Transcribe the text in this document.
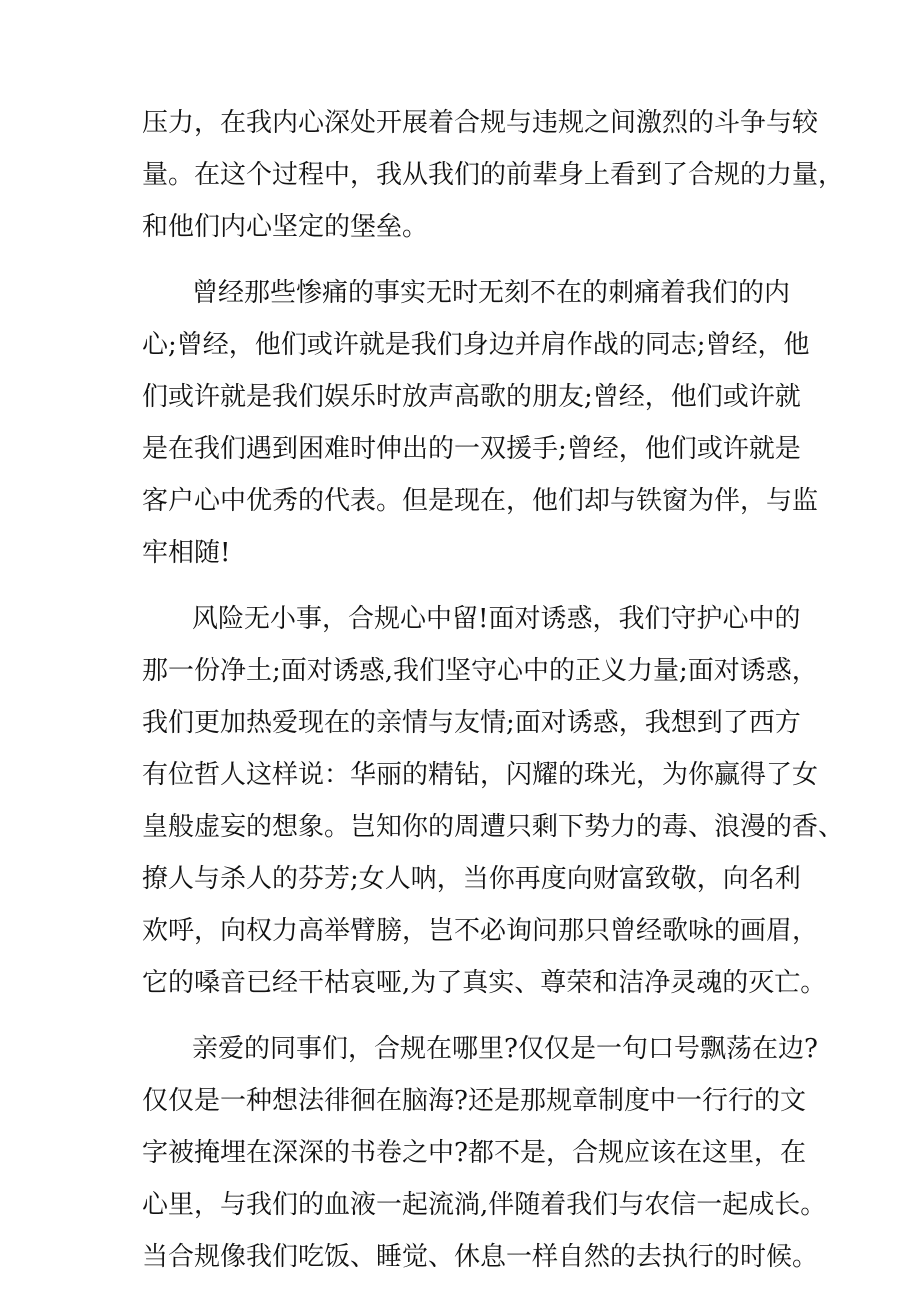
压力，在我内心深处开展着合规与违规之间激烈的斗争与较
量。在这个过程中，我从我们的前辈身上看到了合规的力量，
和他们内心坚定的堡垒。
曾经那些惨痛的事实无时无刻不在的刺痛着我们的内
心;曾经，他们或许就是我们身边并肩作战的同志;曾经，他
们或许就是我们娱乐时放声高歌的朋友;曾经，他们或许就
是在我们遇到困难时伸出的一双援手;曾经，他们或许就是
客户心中优秀的代表。但是现在，他们却与铁窗为伴，与监
牢相随!
风险无小事，合规心中留!面对诱惑，我们守护心中的
那一份净土;面对诱惑,我们坚守心中的正义力量;面对诱惑，
我们更加热爱现在的亲情与友情;面对诱惑，我想到了西方
有位哲人这样说：华丽的精钻，闪耀的珠光，为你赢得了女
皇般虚妄的想象。岂知你的周遭只剩下势力的毒、浪漫的香、
撩人与杀人的芬芳;女人呐，当你再度向财富致敬，向名利
欢呼，向权力高举臂膀，岂不必询问那只曾经歌咏的画眉，
它的嗓音已经干枯哀哑,为了真实、尊荣和洁净灵魂的灭亡。
亲爱的同事们，合规在哪里?仅仅是一句口号飘荡在边?
仅仅是一种想法徘徊在脑海?还是那规章制度中一行行的文
字被掩埋在深深的书卷之中?都不是，合规应该在这里，在
心里，与我们的血液一起流淌,伴随着我们与农信一起成长。
当合规像我们吃饭、睡觉、休息一样自然的去执行的时候。
